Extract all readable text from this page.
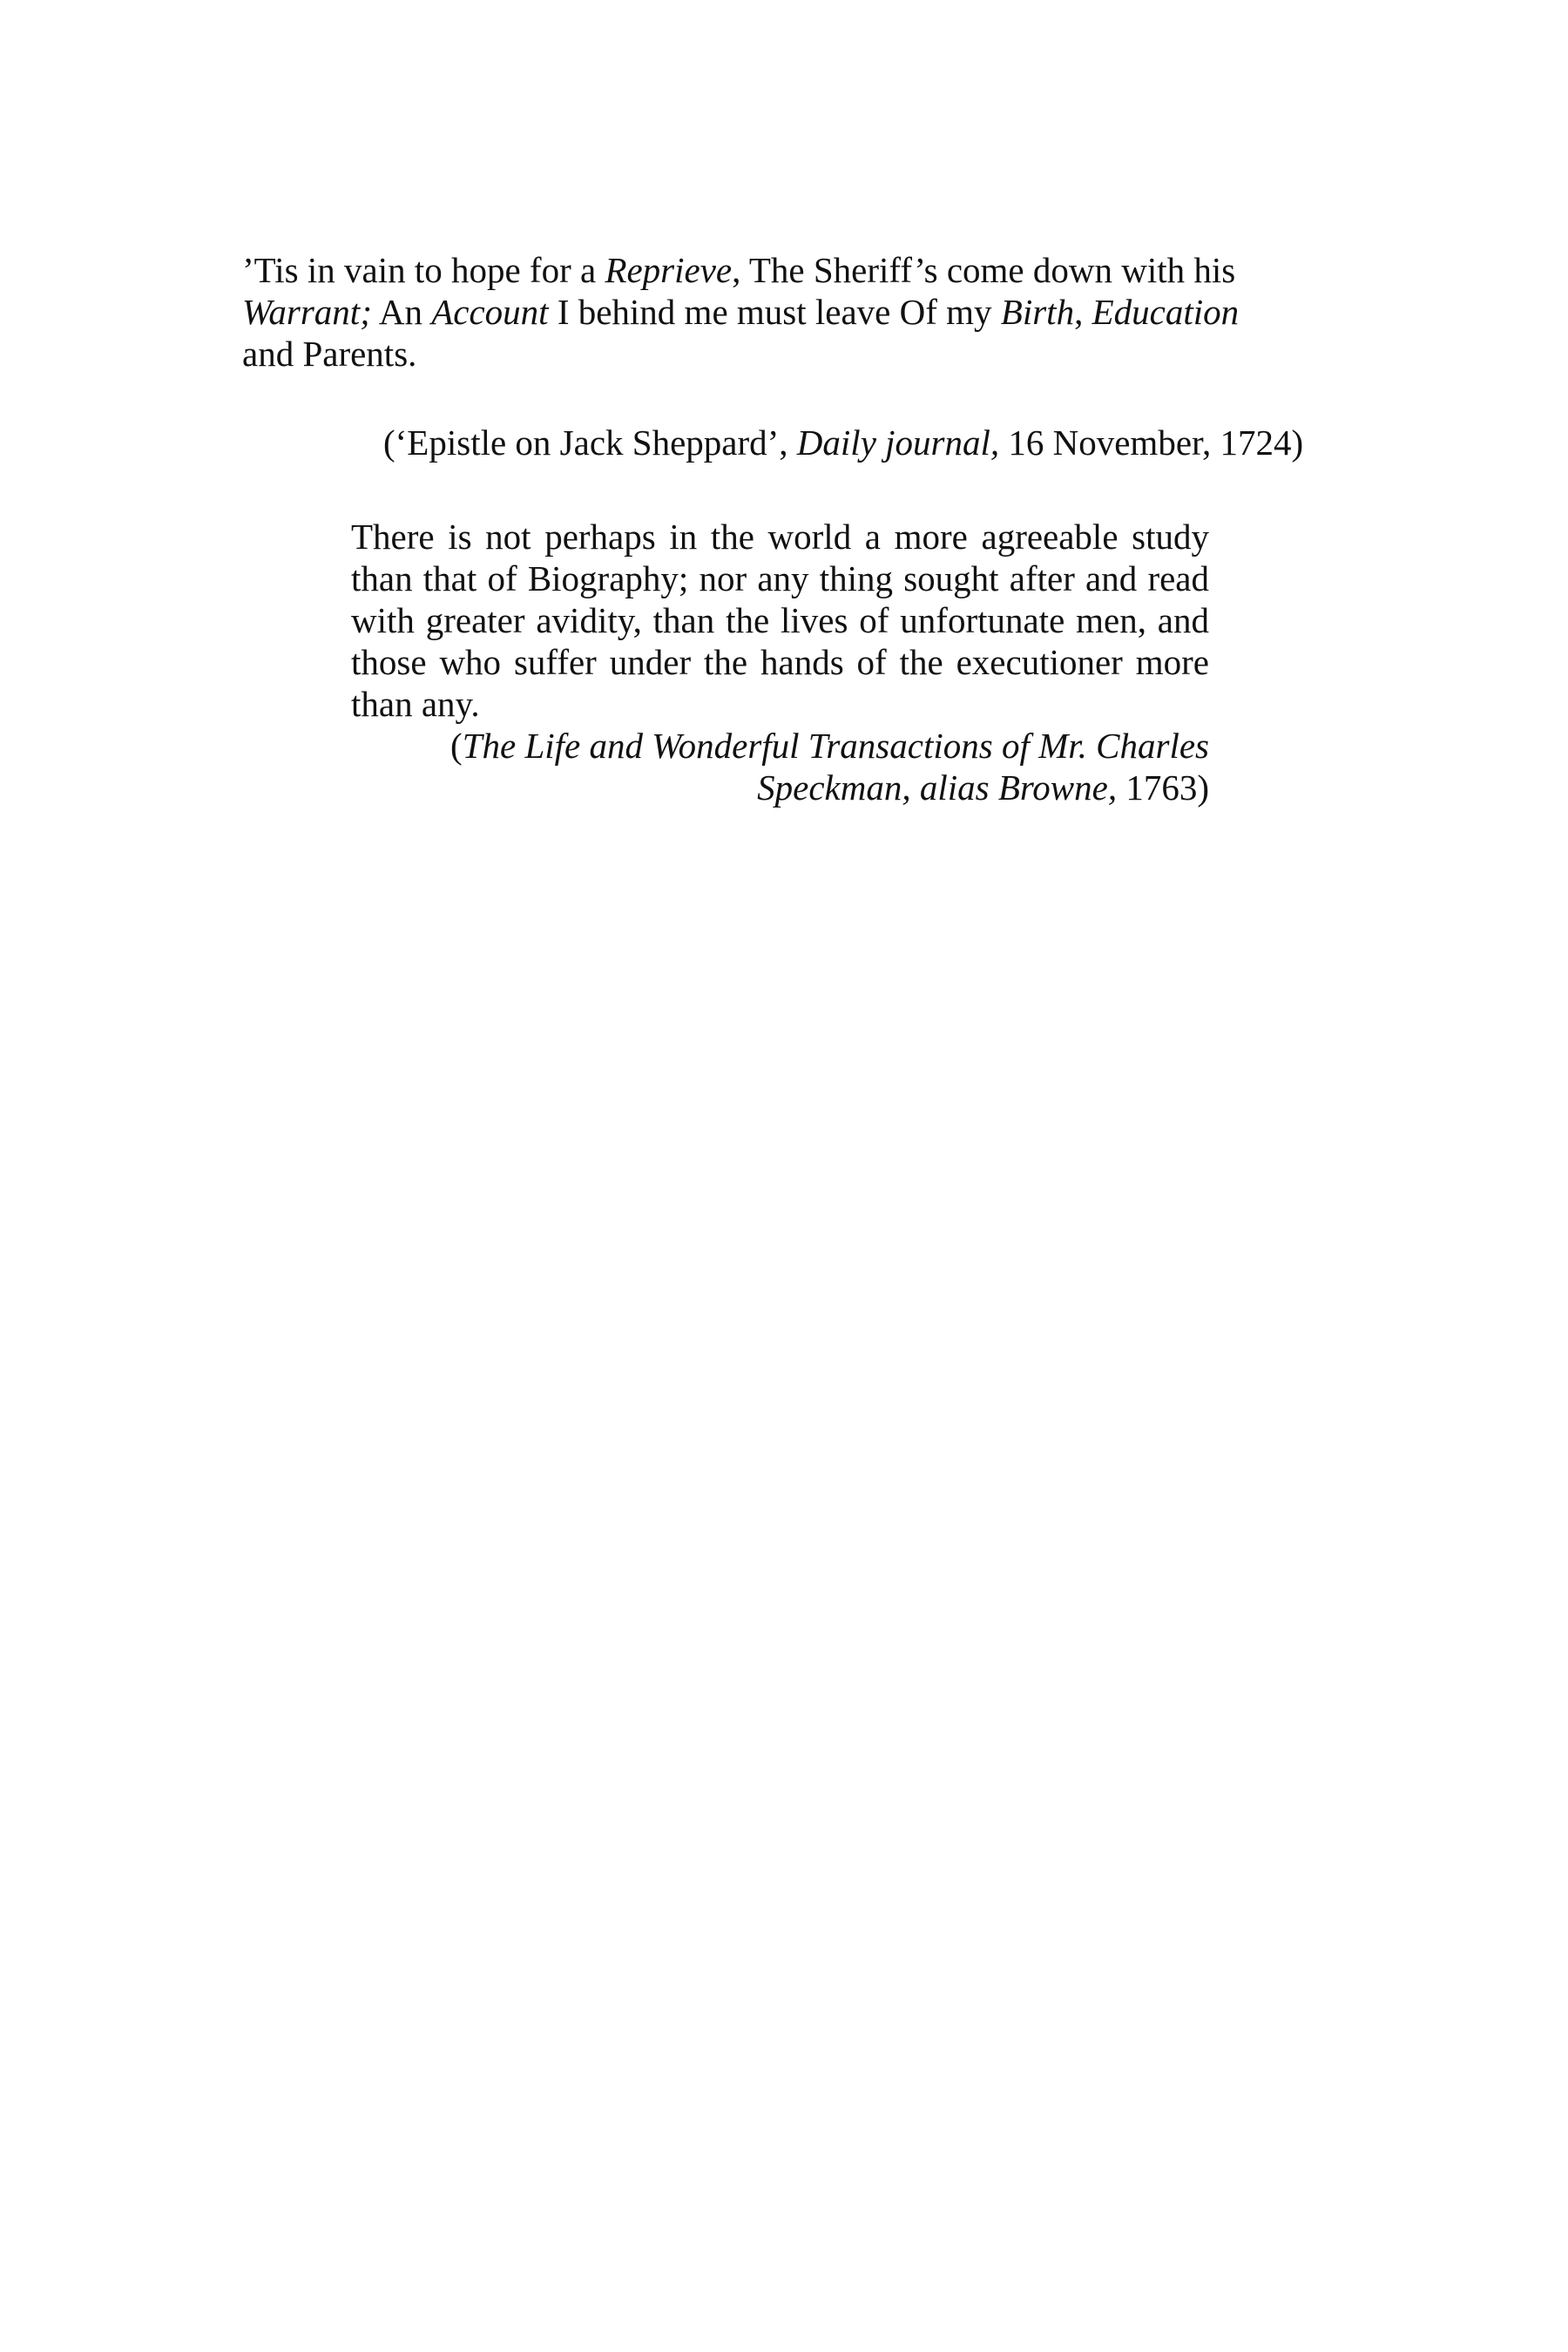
’Tis in vain to hope for a Reprieve, The Sheriff’s come down with his
Warrant; An Account I behind me must leave Of my Birth, Education
and Parents.
(‘Epistle on Jack Sheppard’, Daily journal, 16 November, 1724)
There is not perhaps in the world a more agreeable study
than that of Biography; nor any thing sought after and read
with greater avidity, than the lives of unfortunate men, and
those who suffer under the hands of the executioner more
than any.
(The Life and Wonderful Transactions of Mr. Charles
Speckman, alias Browne, 1763)
